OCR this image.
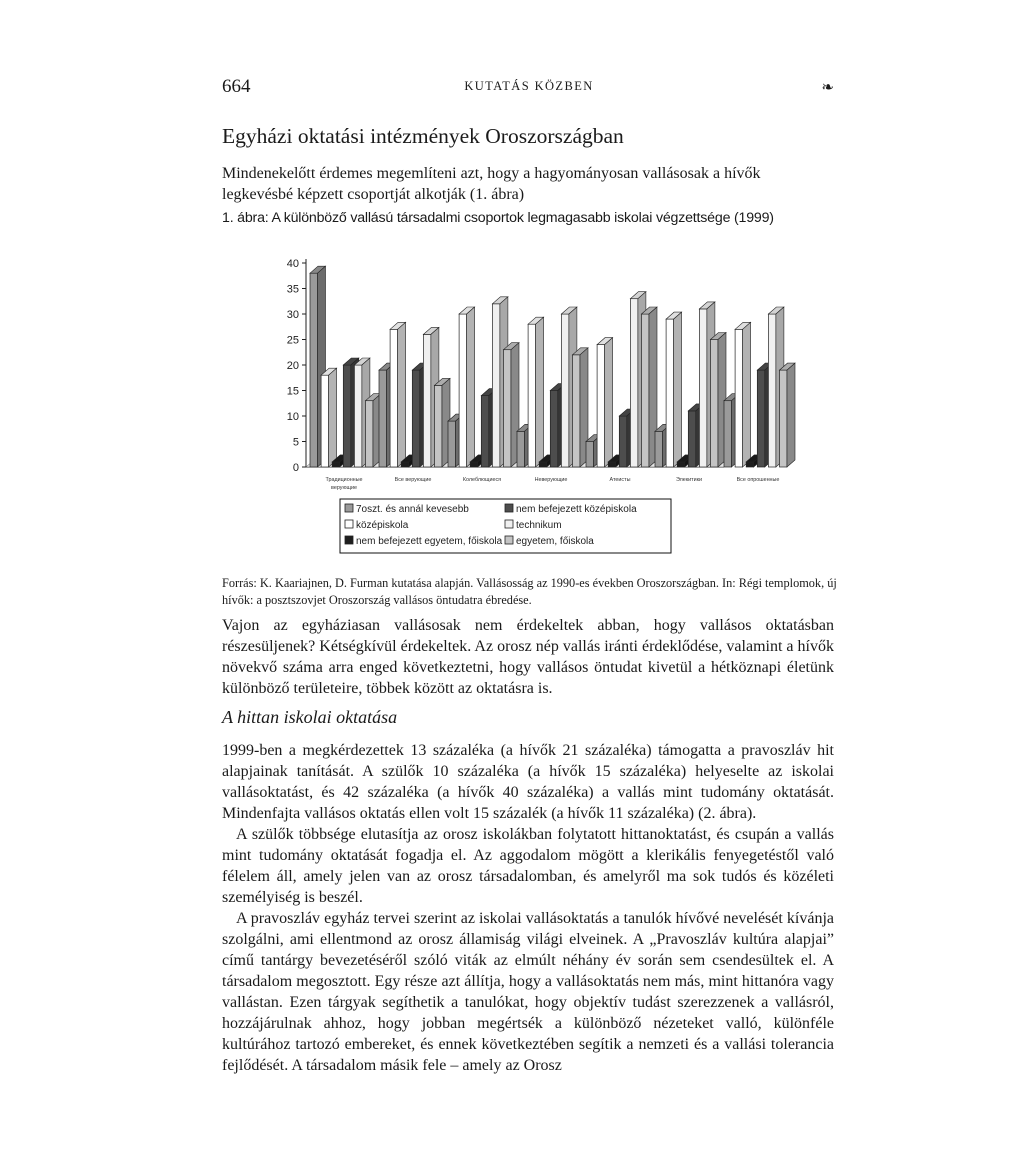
664	KUTATÁS KÖZBEN	❧
Egyházi oktatási intézmények Oroszországban
Mindenekelőtt érdemes megemlíteni azt, hogy a hagyományosan vallásosak a hívők legkevésbé képzett csoportját alkotják (1. ábra)
1. ábra: A különböző vallású társadalmi csoportok legmagasabb iskolai végzettsége (1999)
0
5
10
15
20
25
30
35
40
Традиционные
верующие
Все верующие	Колеблющиеся	Неверующие	Атеисты	Элекитики	Все опрошенные
7oszt. és annál kevesebb	nem befejezett középiskola
középiskola	technikum
nem befejezett egyetem, főiskola egyetem, főiskola
Forrás: K. Kaariajnen, D. Furman kutatása alapján. Vallásosság az 1990-es években Oroszországban. In: Régi templomok, új hívők: a posztszovjet Oroszország vallásos öntudatra ébredése.
Vajon az egyháziasan vallásosak nem érdekeltek abban, hogy vallásos oktatásban részesüljenek? Kétségkívül érdekeltek. Az orosz nép vallás iránti érdeklődése, valamint a hívők növekvő száma arra enged következtetni, hogy vallásos öntudat kivetül a hétköznapi életünk különböző területeire, többek között az oktatásra is.
A hittan iskolai oktatása

1999-ben a megkérdezettek 13 százaléka (a hívők 21 százaléka) támogatta a pravoszláv hit alapjainak tanítását. A szülők 10 százaléka (a hívők 15 százaléka) helyeselte az iskolai vallásoktatást, és 42 százaléka (a hívők 40 százaléka) a vallás mint tudomány oktatását. Mindenfajta vallásos oktatás ellen volt 15 százalék (a hívők 11 százaléka) (2. ábra).

A szülők többsége elutasítja az orosz iskolákban folytatott hittanoktatást, és csupán a vallás mint tudomány oktatását fogadja el. Az aggodalom mögött a klerikális fenyegetéstől való félelem áll, amely jelen van az orosz társadalomban, és amelyről ma sok tudós és közéleti személyiség is beszél.

A pravoszláv egyház tervei szerint az iskolai vallásoktatás a tanulók hívővé nevelését kívánja szolgálni, ami ellentmond az orosz államiság világi elveinek. A „Pravoszláv kultúra alapjai” című tantárgy bevezetéséről szóló viták az elmúlt néhány év során sem csendesültek el. A társadalom megosztott. Egy része azt állítja, hogy a vallásoktatás nem más, mint hittanóra vagy vallástan. Ezen tárgyak segíthetik a tanulókat, hogy objektív tudást szerezzenek a vallásról, hozzájárulnak ahhoz, hogy jobban megértsék a különböző nézeteket valló, különféle kultúrához tartozó embereket, és ennek következtében segítik a nemzeti és a vallási tolerancia fejlődését. A társadalom másik fele – amely az Orosz
